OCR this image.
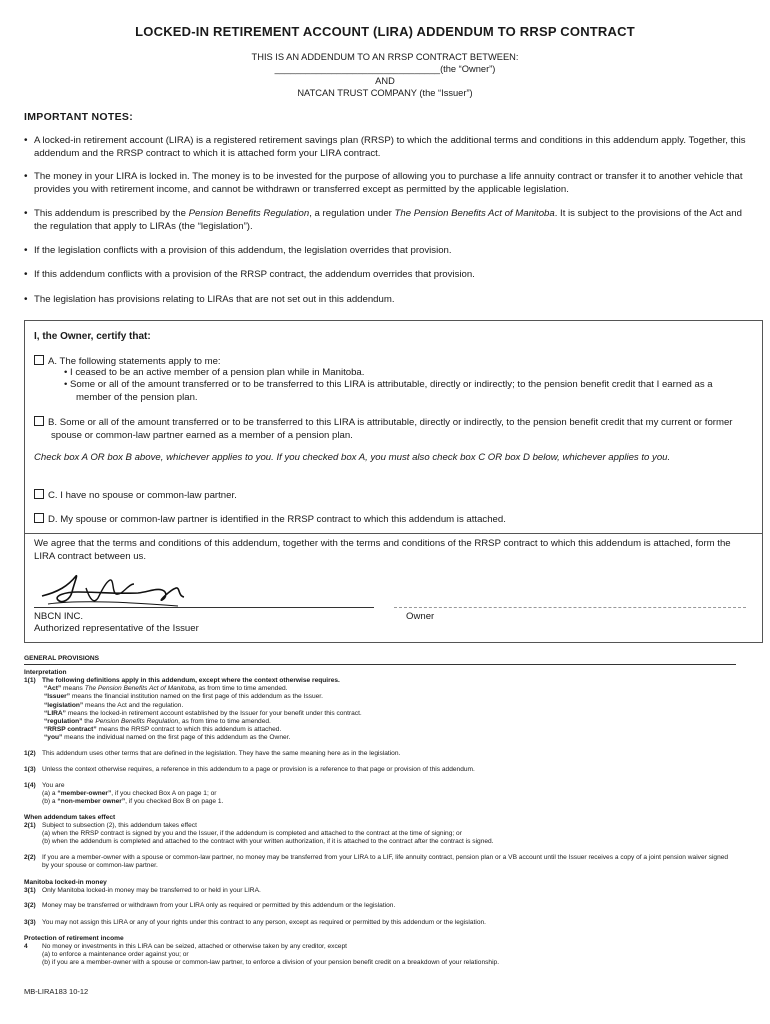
LOCKED-IN RETIREMENT ACCOUNT (LIRA) ADDENDUM TO RRSP CONTRACT
THIS IS AN ADDENDUM TO AN RRSP CONTRACT BETWEEN:
________________________________(the “Owner”)
AND
NATCAN TRUST COMPANY (the “Issuer”)
IMPORTANT NOTES:
• A locked-in retirement account (LIRA) is a registered retirement savings plan (RRSP) to which the additional terms and conditions in this addendum apply. Together, this addendum and the RRSP contract to which it is attached form your LIRA contract.
• The money in your LIRA is locked in. The money is to be invested for the purpose of allowing you to purchase a life annuity contract or transfer it to another vehicle that provides you with retirement income, and cannot be withdrawn or transferred except as permitted by the applicable legislation.
• This addendum is prescribed by the Pension Benefits Regulation, a regulation under The Pension Benefits Act of Manitoba. It is subject to the provisions of the Act and the regulation that apply to LIRAs (the “legislation”).
• If the legislation conflicts with a provision of this addendum, the legislation overrides that provision.
• If this addendum conflicts with a provision of the RRSP contract, the addendum overrides that provision.
• The legislation has provisions relating to LIRAs that are not set out in this addendum.
I, the Owner, certify that:
A. The following statements apply to me:
• I ceased to be an active member of a pension plan while in Manitoba.
• Some or all of the amount transferred or to be transferred to this LIRA is attributable, directly or indirectly; to the pension benefit credit that I earned as a member of the pension plan.
B. Some or all of the amount transferred or to be transferred to this LIRA is attributable, directly or indirectly, to the pension benefit credit that my current or former spouse or common-law partner earned as a member of a pension plan.
Check box A OR box B above, whichever applies to you. If you checked box A, you must also check box C OR box D below, whichever applies to you.
C. I have no spouse or common-law partner.
D. My spouse or common-law partner is identified in the RRSP contract to which this addendum is attached.
We agree that the terms and conditions of this addendum, together with the terms and conditions of the RRSP contract to which this addendum is attached, form the LIRA contract between us.
NBCN INC.
Authorized representative of the Issuer
Owner
GENERAL PROVISIONS
Interpretation
1(1) The following definitions apply in this addendum, except where the context otherwise requires.
“Act” means The Pension Benefits Act of Manitoba, as from time to time amended.
“Issuer” means the financial institution named on the first page of this addendum as the Issuer.
“legislation” means the Act and the regulation.
“LIRA” means the locked-in retirement account established by the Issuer for your benefit under this contract.
“regulation” the Pension Benefits Regulation, as from time to time amended.
“RRSP contract” means the RRSP contract to which this addendum is attached.
“you” means the individual named on the first page of this addendum as the Owner.
1(2) This addendum uses other terms that are defined in the legislation. They have the same meaning here as in the legislation.
1(3) Unless the context otherwise requires, a reference in this addendum to a page or provision is a reference to that page or provision of this addendum.
1(4) You are
(a) a “member-owner”, if you checked Box A on page 1; or
(b) a “non-member owner”, if you checked Box B on page 1.
When addendum takes effect
2(1) Subject to subsection (2), this addendum takes effect
(a) when the RRSP contract is signed by you and the Issuer, if the addendum is completed and attached to the contract at the time of signing; or
(b) when the addendum is completed and attached to the contract with your written authorization, if it is attached to the contract after the contract is signed.
2(2) If you are a member-owner with a spouse or common-law partner, no money may be transferred from your LIRA to a LIF, life annuity contract, pension plan or a VB account until the Issuer receives a copy of a joint pension waiver signed by your spouse or common-law partner.
Manitoba locked-in money
3(1) Only Manitoba locked-in money may be transferred to or held in your LIRA.
3(2) Money may be transferred or withdrawn from your LIRA only as required or permitted by this addendum or the legislation.
3(3) You may not assign this LIRA or any of your rights under this contract to any person, except as required or permitted by this addendum or the legislation.
Protection of retirement income
4 No money or investments in this LIRA can be seized, attached or otherwise taken by any creditor, except
(a) to enforce a maintenance order against you; or
(b) if you are a member-owner with a spouse or common-law partner, to enforce a division of your pension benefit credit on a breakdown of your relationship.
MB-LIRA183 10-12
